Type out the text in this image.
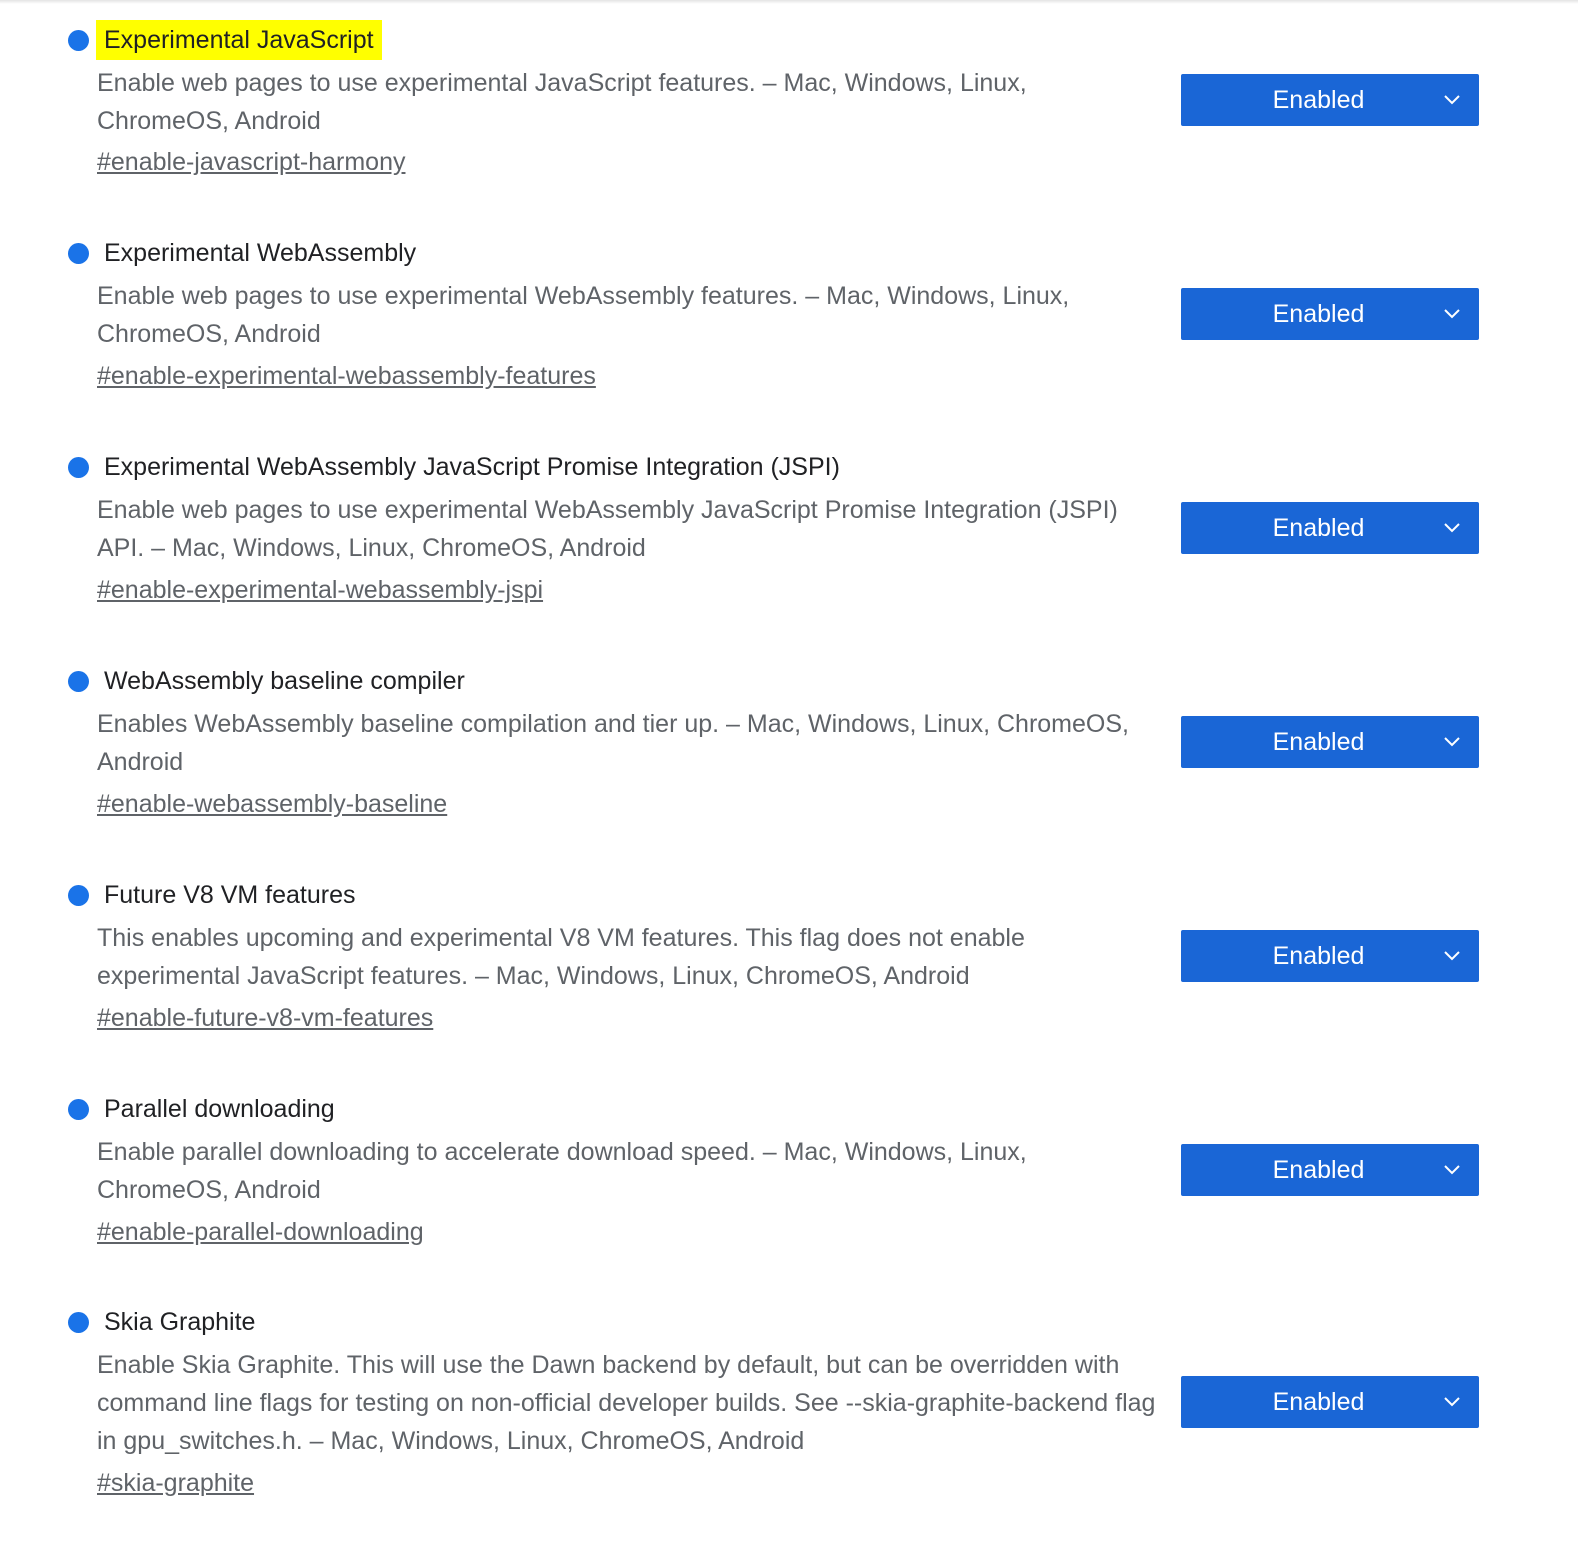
Experimental JavaScript

Enable web pages to use experimental JavaScript features. – Mac, Windows, Linux, ChromeOS, Android

#enable-javascript-harmony
Enabled
Experimental WebAssembly

Enable web pages to use experimental WebAssembly features. – Mac, Windows, Linux, ChromeOS, Android

#enable-experimental-webassembly-features
Enabled
Experimental WebAssembly JavaScript Promise Integration (JSPI)

Enable web pages to use experimental WebAssembly JavaScript Promise Integration (JSPI) API. – Mac, Windows, Linux, ChromeOS, Android

#enable-experimental-webassembly-jspi
Enabled
WebAssembly baseline compiler

Enables WebAssembly baseline compilation and tier up. – Mac, Windows, Linux, ChromeOS, Android

#enable-webassembly-baseline
Enabled
Future V8 VM features

This enables upcoming and experimental V8 VM features. This flag does not enable experimental JavaScript features. – Mac, Windows, Linux, ChromeOS, Android

#enable-future-v8-vm-features
Enabled
Parallel downloading

Enable parallel downloading to accelerate download speed. – Mac, Windows, Linux, ChromeOS, Android

#enable-parallel-downloading
Enabled
Skia Graphite

Enable Skia Graphite. This will use the Dawn backend by default, but can be overridden with command line flags for testing on non-official developer builds. See --skia-graphite-backend flag in gpu_switches.h. – Mac, Windows, Linux, ChromeOS, Android

#skia-graphite
Enabled
